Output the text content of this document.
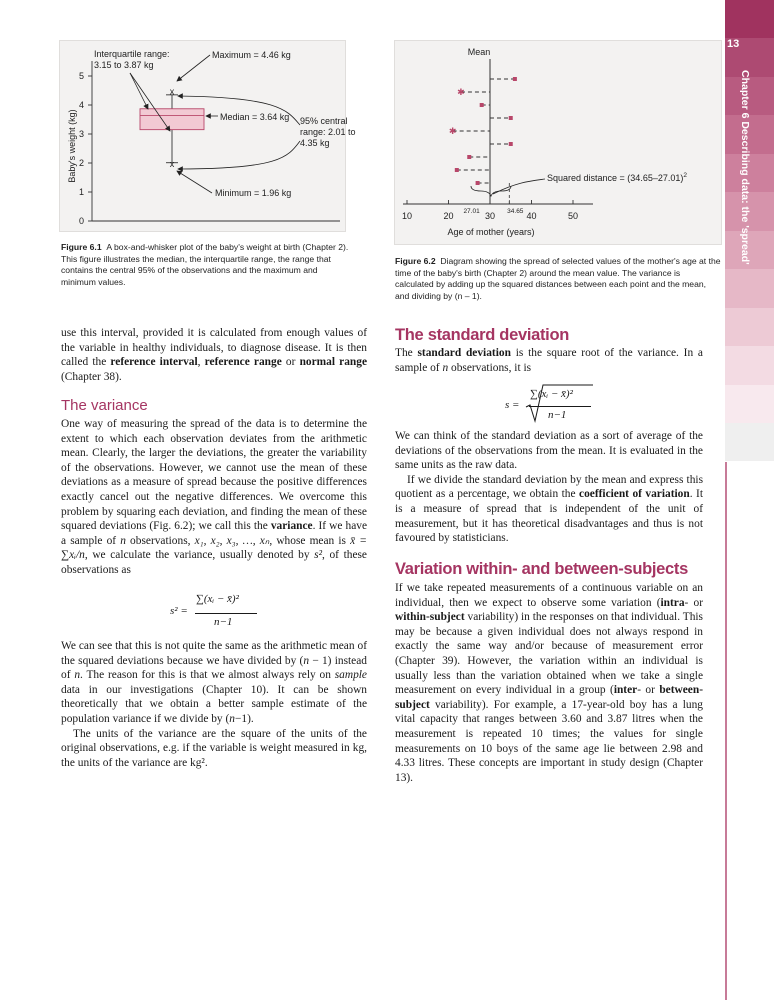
13
Chapter 6 Describing data: the 'spread'
0
1
2
3
4
5
Baby's weight (kg)
x
x
Interquartile range:
3.15 to 3.87 kg
Maximum = 4.46 kg
Median = 3.64 kg 95% central
range: 2.01 to
4.35 kg
Minimum = 1.96 kg
Figure 6.1 A box-and-whisker plot of the baby's weight at birth (Chapter 2). This figure illustrates the median, the interquartile range, the range that contains the central 95% of the observations and the maximum and minimum values.
Mean
10	20	30	40	50
27.01	34.65
✱
✱
Age of mother (years)
Squared distance = $(34.65-27.01)^2$
Figure 6.2 Diagram showing the spread of selected values of the mother's age at the time of the baby's birth (Chapter 2) around the mean value. The variance is calculated by adding up the squared distances between each point and the mean, and dividing by (n – 1).

use this interval, provided it is calculated from enough values of the variable in healthy individuals, to diagnose disease. It is then called the reference interval, reference range or normal range (Chapter 38).

The variance

One way of measuring the spread of the data is to determine the extent to which each observation deviates from the arithmetic mean. Clearly, the larger the deviations, the greater the variability of the observations. However, we cannot use the mean of these deviations as a measure of spread because the positive differences exactly cancel out the negative differences. We overcome this problem by squaring each deviation, and finding the mean of these squared deviations (Fig. 6.2); we call this the variance. If we have a sample of n observations, x₁, x₂, x₃, …, xₙ, whose mean is x̄ = ∑xᵢ/n, we calculate the variance, usually denoted by s², of these observations as

s² =
∑(xᵢ − x̄)²
n−1

We can see that this is not quite the same as the arithmetic mean of the squared deviations because we have divided by (n − 1) instead of n. The reason for this is that we almost always rely on sample data in our investigations (Chapter 10). It can be shown theoretically that we obtain a better sample estimate of the population variance if we divide by (n−1).

The units of the variance are the square of the units of the original observations, e.g. if the variable is weight measured in kg, the units of the variance are kg².

The standard deviation

The standard deviation is the square root of the variance. In a sample of n observations, it is

s =
∑(xᵢ − x̄)²
n−1

We can think of the standard deviation as a sort of average of the deviations of the observations from the mean. It is evaluated in the same units as the raw data.

If we divide the standard deviation by the mean and express this quotient as a percentage, we obtain the coefficient of variation. It is a measure of spread that is independent of the unit of measurement, but it has theoretical disadvantages and thus is not favoured by statisticians.

Variation within- and between-subjects

If we take repeated measurements of a continuous variable on an individual, then we expect to observe some variation (intra- or within-subject variability) in the responses on that individual. This may be because a given individual does not always respond in exactly the same way and/or because of measurement error (Chapter 39). However, the variation within an individual is usually less than the variation obtained when we take a single measurement on every individual in a group (inter- or between-subject variability). For example, a 17-year-old boy has a lung vital capacity that ranges between 3.60 and 3.87 litres when the measurement is repeated 10 times; the values for single measurements on 10 boys of the same age lie between 2.98 and 4.33 litres. These concepts are important in study design (Chapter 13).
